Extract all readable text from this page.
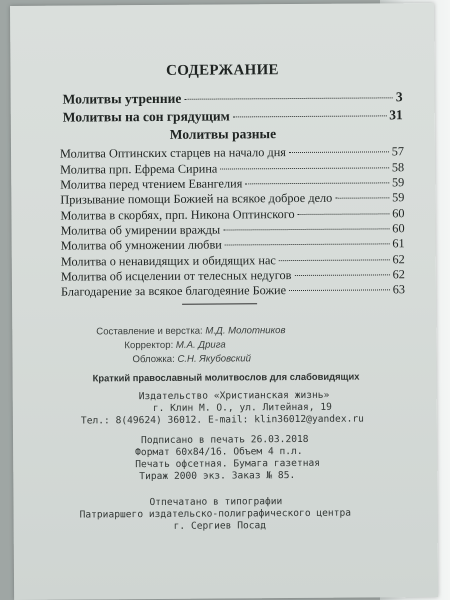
СОДЕРЖАНИЕ
Молитвы утренние	3
Молитвы на сон грядущим	31
Молитвы разные
Молитва Оптинских старцев на начало дня	57
Молитва прп. Ефрема Сирина	58
Молитва перед чтением Евангелия	59
Призывание помощи Божией на всякое доброе дело	59
Молитва в скорбях, прп. Никона Оптинского	60
Молитва об умирении вражды	60
Молитва об умножении любви	61
Молитва о ненавидящих и обидящих нас	62
Молитва об исцелении от телесных недугов	62
Благодарение за всякое благодеяние Божие	63
Составление и верстка: М.Д. Молотников
Корректор: М.А. Дрига
Обложка: С.Н. Якубовский
Краткий православный молитвослов для слабовидящих
Издательство «Христианская жизнь»
г. Клин М. О., ул. Литейная, 19
Тел.: 8(49624) 36012. E-mail: klin36012@yandex.ru
Подписано в печать 26.03.2018
Формат 60х84/16. Объем 4 п.л.
Печать офсетная. Бумага газетная
Тираж 2000 экз. Заказ № 85.
Отпечатано в типографии
Патриаршего издательско-полиграфического центра
г. Сергиев Посад
